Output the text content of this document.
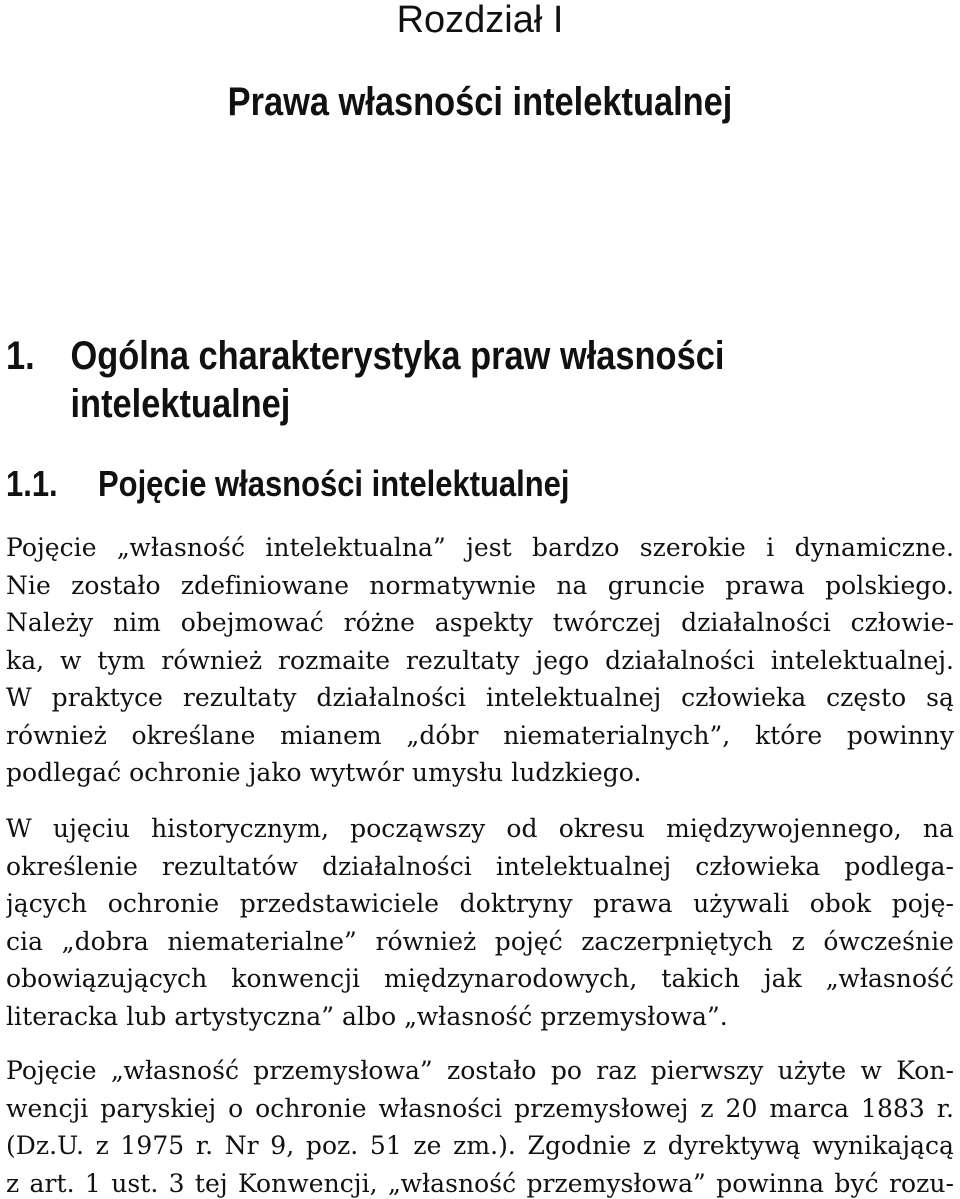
Rozdział I
Prawa własności intelektualnej
1. Ogólna charakterystyka praw własności
intelektualnej
1.1. Pojęcie własności intelektualnej
Pojęcie „własność intelektualna” jest bardzo szerokie i dynamiczne.
Nie zostało zdefiniowane normatywnie na gruncie prawa polskiego.
Należy nim obejmować różne aspekty twórczej działalności człowie-
ka, w tym również rozmaite rezultaty jego działalności intelektualnej.
W praktyce rezultaty działalności intelektualnej człowieka często są
również określane mianem „dóbr niematerialnych”, które powinny
podlegać ochronie jako wytwór umysłu ludzkiego.
W ujęciu historycznym, począwszy od okresu międzywojennego, na
określenie rezultatów działalności intelektualnej człowieka podlega-
jących ochronie przedstawiciele doktryny prawa używali obok poję-
cia „dobra niematerialne” również pojęć zaczerpniętych z ówcześnie
obowiązujących konwencji międzynarodowych, takich jak „własność
literacka lub artystyczna” albo „własność przemysłowa”.
Pojęcie „własność przemysłowa” zostało po raz pierwszy użyte w Kon-
wencji paryskiej o ochronie własności przemysłowej z 20 marca 1883 r.
(Dz.U. z 1975 r. Nr 9, poz. 51 ze zm.). Zgodnie z dyrektywą wynikającą
z art. 1 ust. 3 tej Konwencji, „własność przemysłowa” powinna być rozu-
